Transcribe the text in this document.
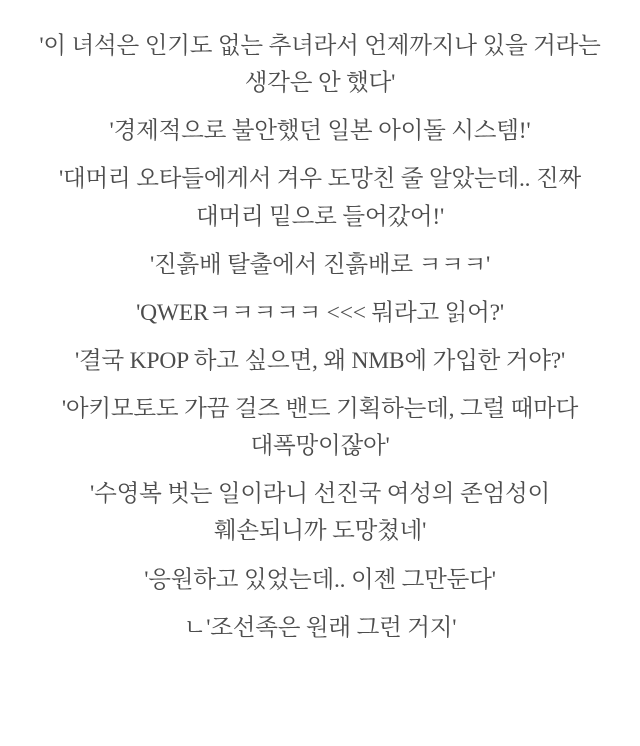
'이 녀석은 인기도 없는 추녀라서 언제까지나 있을 거라는 생각은 안 했다'

'경제적으로 불안했던 일본 아이돌 시스템!'

'대머리 오타들에게서 겨우 도망친 줄 알았는데.. 진짜 대머리 밑으로 들어갔어!'

'진흙배 탈출에서 진흙배로 ㅋㅋㅋ'

'QWERㅋㅋㅋㅋㅋ <<< 뭐라고 읽어?'

'결국 KPOP 하고 싶으면, 왜 NMB에 가입한 거야?'

'아키모토도 가끔 걸즈 밴드 기획하는데, 그럴 때마다 대폭망이잖아'

'수영복 벗는 일이라니 선진국 여성의 존엄성이 훼손되니까 도망쳤네'

'응원하고 있었는데.. 이젠 그만둔다'

ㄴ'조선족은 원래 그런 거지'
